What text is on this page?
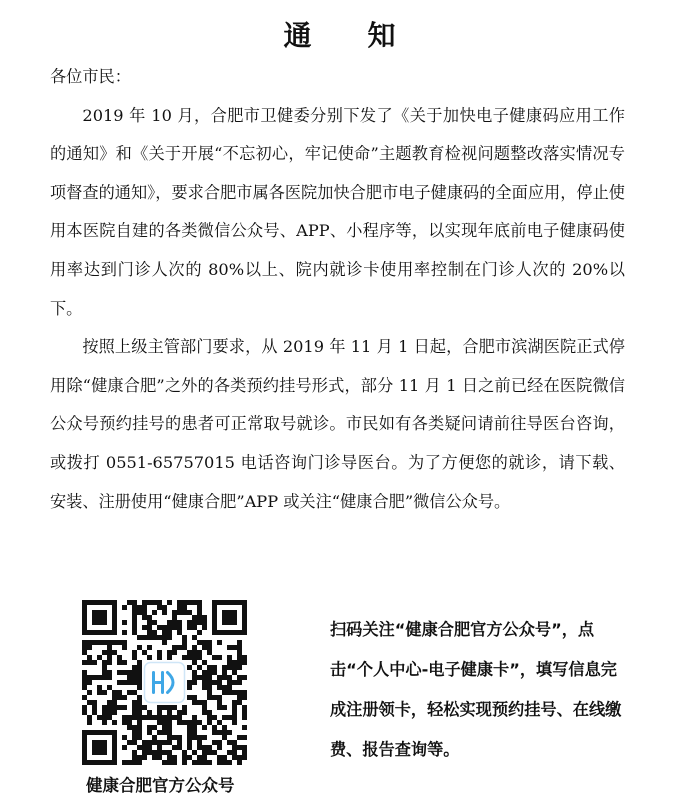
通　知

各位市民：

2019 年 10 月，合肥市卫健委分别下发了《关于加快电子健康码应用工作的通知》和《关于开展“不忘初心，牢记使命”主题教育检视问题整改落实情况专项督查的通知》，要求合肥市属各医院加快合肥市电子健康码的全面应用，停止使用本医院自建的各类微信公众号、APP、小程序等，以实现年底前电子健康码使用率达到门诊人次的 80%以上、院内就诊卡使用率控制在门诊人次的 20%以下。

按照上级主管部门要求，从 2019 年 11 月 1 日起，合肥市滨湖医院正式停用除“健康合肥”之外的各类预约挂号形式，部分 11 月 1 日之前已经在医院微信公众号预约挂号的患者可正常取号就诊。市民如有各类疑问请前往导医台咨询，或拨打 0551-65757015 电话咨询门诊导医台。为了方便您的就诊，请下载、安装、注册使用“健康合肥”APP 或关注“健康合肥”微信公众号。

健康合肥官方公众号
扫码关注“健康合肥官方公众号”，点击“个人中心-电子健康卡”，填写信息完成注册领卡，轻松实现预约挂号、在线缴费、报告查询等。
